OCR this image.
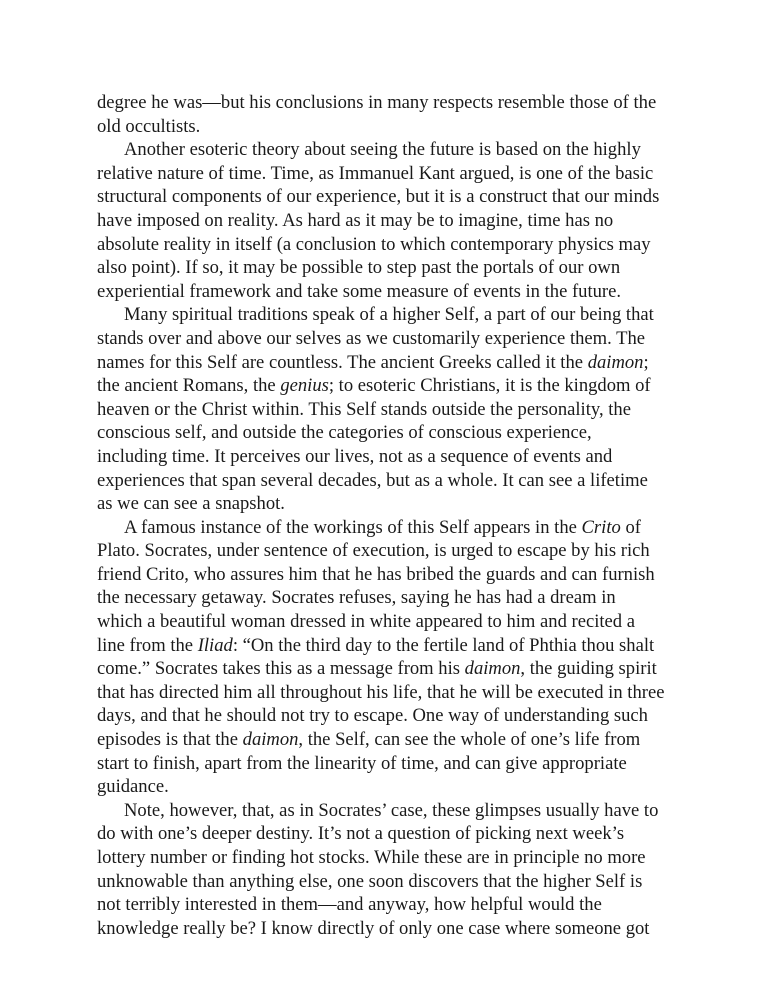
degree he was—but his conclusions in many respects resemble those of the
old occultists.

Another esoteric theory about seeing the future is based on the highly
relative nature of time. Time, as Immanuel Kant argued, is one of the basic
structural components of our experience, but it is a construct that our minds
have imposed on reality. As hard as it may be to imagine, time has no
absolute reality in itself (a conclusion to which contemporary physics may
also point). If so, it may be possible to step past the portals of our own
experiential framework and take some measure of events in the future.

Many spiritual traditions speak of a higher Self, a part of our being that
stands over and above our selves as we customarily experience them. The
names for this Self are countless. The ancient Greeks called it the daimon;
the ancient Romans, the genius; to esoteric Christians, it is the kingdom of
heaven or the Christ within. This Self stands outside the personality, the
conscious self, and outside the categories of conscious experience,
including time. It perceives our lives, not as a sequence of events and
experiences that span several decades, but as a whole. It can see a lifetime
as we can see a snapshot.

A famous instance of the workings of this Self appears in the Crito of
Plato. Socrates, under sentence of execution, is urged to escape by his rich
friend Crito, who assures him that he has bribed the guards and can furnish
the necessary getaway. Socrates refuses, saying he has had a dream in
which a beautiful woman dressed in white appeared to him and recited a
line from the Iliad: “On the third day to the fertile land of Phthia thou shalt
come.” Socrates takes this as a message from his daimon, the guiding spirit
that has directed him all throughout his life, that he will be executed in three
days, and that he should not try to escape. One way of understanding such
episodes is that the daimon, the Self, can see the whole of one’s life from
start to finish, apart from the linearity of time, and can give appropriate
guidance.

Note, however, that, as in Socrates’ case, these glimpses usually have to
do with one’s deeper destiny. It’s not a question of picking next week’s
lottery number or finding hot stocks. While these are in principle no more
unknowable than anything else, one soon discovers that the higher Self is
not terribly interested in them—and anyway, how helpful would the
knowledge really be? I know directly of only one case where someone got
